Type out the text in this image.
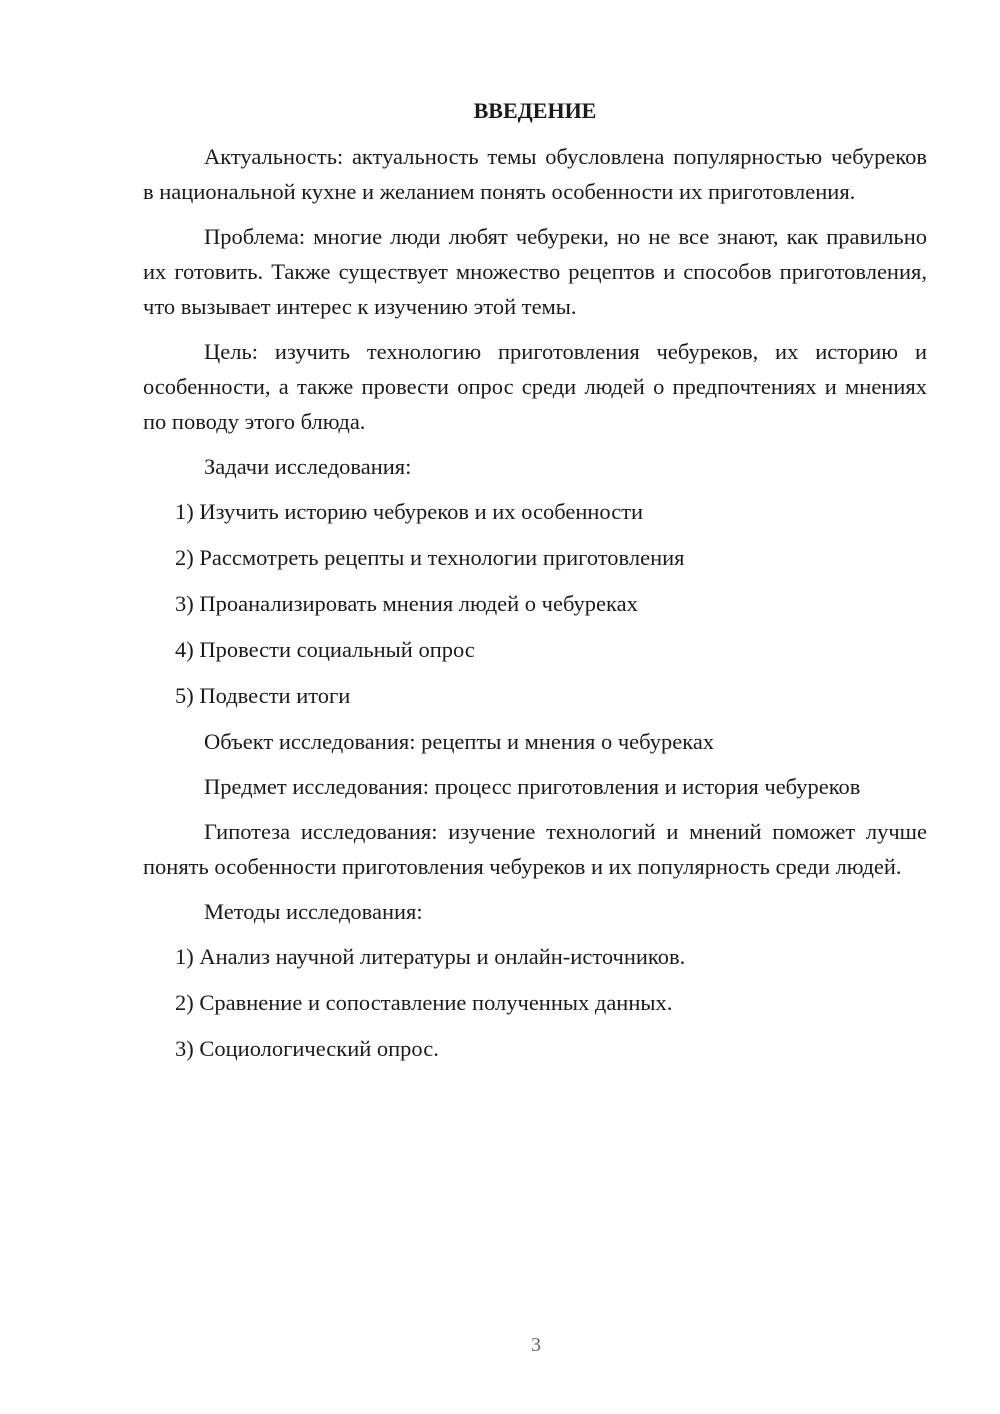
ВВЕДЕНИЕ

Актуальность: актуальность темы обусловлена популярностью чебуреков в национальной кухне и желанием понять особенности их приготовления.

Проблема: многие люди любят чебуреки, но не все знают, как правильно их готовить. Также существует множество рецептов и способов приготовления, что вызывает интерес к изучению этой темы.

Цель: изучить технологию приготовления чебуреков, их историю и особенности, а также провести опрос среди людей о предпочтениях и мнениях по поводу этого блюда.

Задачи исследования:

1) Изучить историю чебуреков и их особенности
2) Рассмотреть рецепты и технологии приготовления
3) Проанализировать мнения людей о чебуреках
4) Провести социальный опрос
5) Подвести итоги

Объект исследования: рецепты и мнения о чебуреках

Предмет исследования: процесс приготовления и история чебуреков

Гипотеза исследования: изучение технологий и мнений поможет лучше понять особенности приготовления чебуреков и их популярность среди людей.

Методы исследования:

1) Анализ научной литературы и онлайн-источников.
2) Сравнение и сопоставление полученных данных.
3) Социологический опрос.
3
